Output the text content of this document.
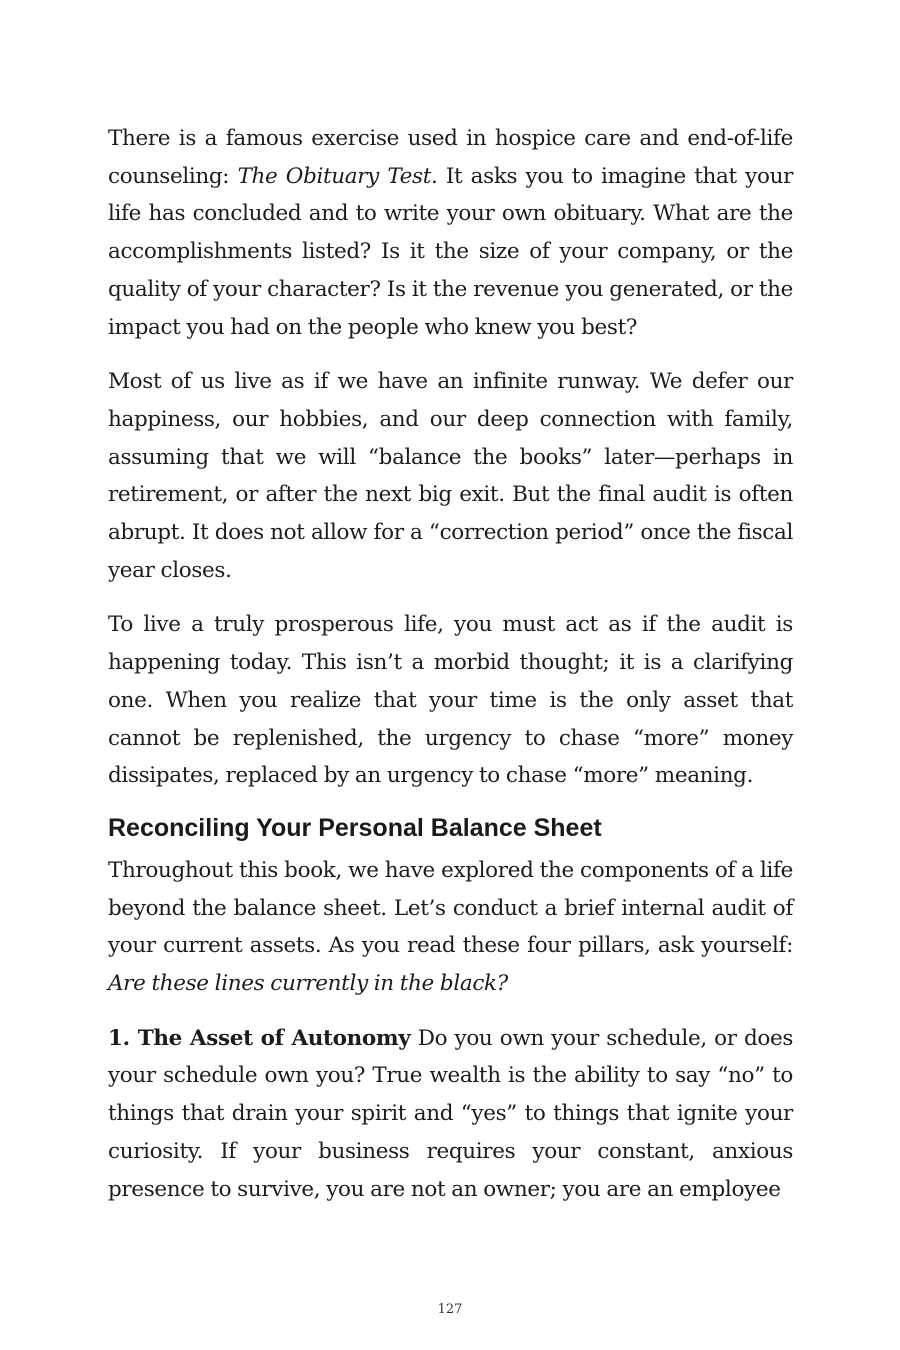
There is a famous exercise used in hospice care and end-of-life counseling: The Obituary Test. It asks you to imagine that your life has concluded and to write your own obituary. What are the accomplishments listed? Is it the size of your company, or the quality of your character? Is it the revenue you generated, or the impact you had on the people who knew you best?

Most of us live as if we have an infinite runway. We defer our happiness, our hobbies, and our deep connection with family, assuming that we will “balance the books” later—perhaps in retirement, or after the next big exit. But the final audit is often abrupt. It does not allow for a “correction period” once the fiscal year closes.

To live a truly prosperous life, you must act as if the audit is happening today. This isn’t a morbid thought; it is a clarifying one. When you realize that your time is the only asset that cannot be replenished, the urgency to chase “more” money dissipates, replaced by an urgency to chase “more” meaning.

Reconciling Your Personal Balance Sheet

Throughout this book, we have explored the components of a life beyond the balance sheet. Let’s conduct a brief internal audit of your current assets. As you read these four pillars, ask yourself: Are these lines currently in the black?

1. The Asset of Autonomy Do you own your schedule, or does your schedule own you? True wealth is the ability to say “no” to things that drain your spirit and “yes” to things that ignite your curiosity. If your business requires your constant, anxious presence to survive, you are not an owner; you are an employee

127
